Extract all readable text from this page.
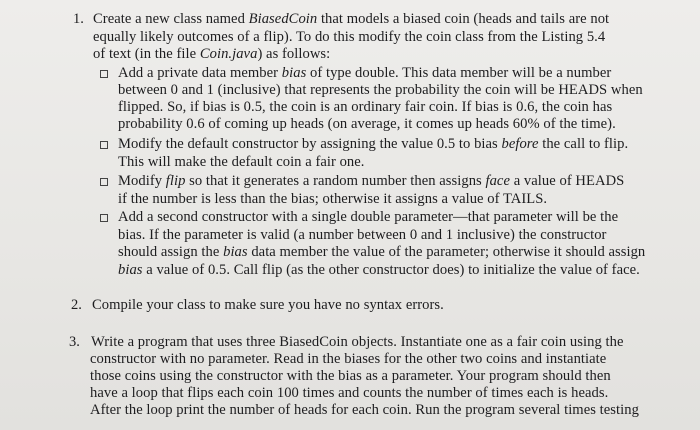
1. Create a new class named BiasedCoin that models a biased coin (heads and tails are not
equally likely outcomes of a flip). To do this modify the coin class from the Listing 5.4
of text (in the file Coin.java) as follows:
Add a private data member bias of type double. This data member will be a number
between 0 and 1 (inclusive) that represents the probability the coin will be HEADS when
flipped. So, if bias is 0.5, the coin is an ordinary fair coin. If bias is 0.6, the coin has
probability 0.6 of coming up heads (on average, it comes up heads 60% of the time).
Modify the default constructor by assigning the value 0.5 to bias before the call to flip.
This will make the default coin a fair one.
Modify flip so that it generates a random number then assigns face a value of HEADS
if the number is less than the bias; otherwise it assigns a value of TAILS.
Add a second constructor with a single double parameter—that parameter will be the
bias. If the parameter is valid (a number between 0 and 1 inclusive) the constructor
should assign the bias data member the value of the parameter; otherwise it should assign
bias a value of 0.5. Call flip (as the other constructor does) to initialize the value of face.
2. Compile your class to make sure you have no syntax errors.
3. Write a program that uses three BiasedCoin objects. Instantiate one as a fair coin using the
constructor with no parameter. Read in the biases for the other two coins and instantiate
those coins using the constructor with the bias as a parameter. Your program should then
have a loop that flips each coin 100 times and counts the number of times each is heads.
After the loop print the number of heads for each coin. Run the program several times testing
